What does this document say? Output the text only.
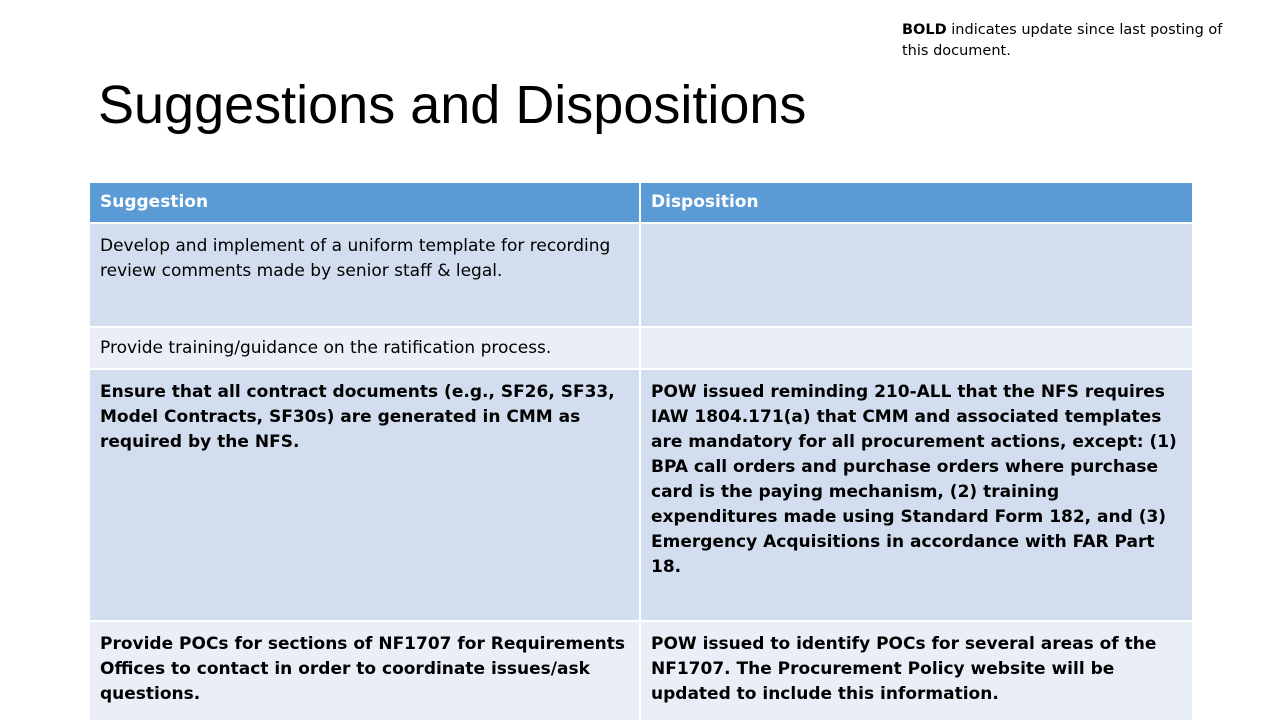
BOLD indicates update since last posting of this document.
Suggestions and Dispositions
Suggestion	Disposition
Develop and implement of a uniform template for recording review comments made by senior staff & legal.	
Provide training/guidance on the ratification process.	
Ensure that all contract documents (e.g., SF26, SF33, Model Contracts, SF30s) are generated in CMM as required by the NFS.	POW issued reminding 210-ALL that the NFS requires IAW 1804.171(a) that CMM and associated templates are mandatory for all procurement actions, except: (1) BPA call orders and purchase orders where purchase card is the paying mechanism, (2) training expenditures made using Standard Form 182, and (3) Emergency Acquisitions in accordance with FAR Part 18.
Provide POCs for sections of NF1707 for Requirements Offices to contact in order to coordinate issues/ask questions.	POW issued to identify POCs for several areas of the NF1707. The Procurement Policy website will be updated to include this information.
